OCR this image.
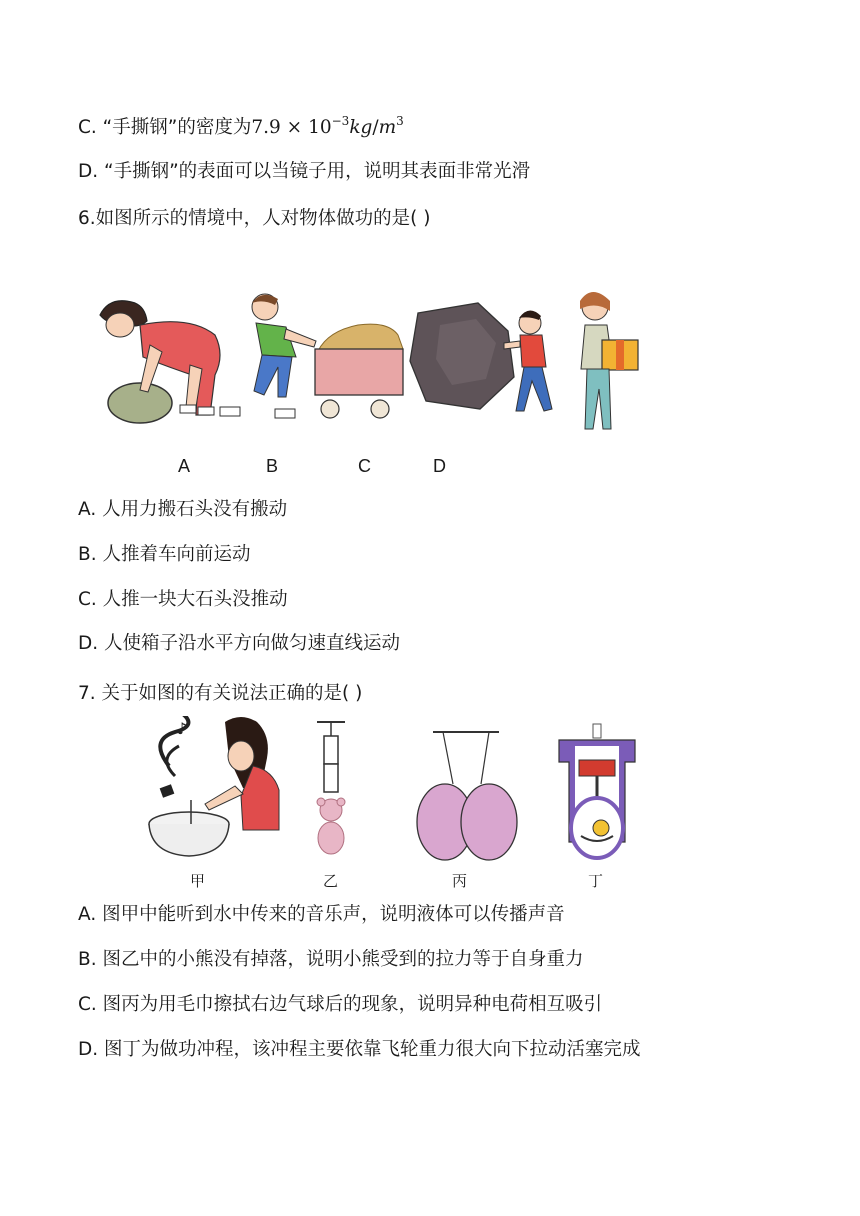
C. “手撕钢”的密度为$7.9 \times 10^{-3}kg/m^3$
D. “手撕钢”的表面可以当镜子用，说明其表面非常光滑
6.如图所示的情境中，人对物体做功的是( )
A	B	C	D
A. 人用力搬石头没有搬动
B. 人推着车向前运动
C. 人推一块大石头没推动
D. 人使箱子沿水平方向做匀速直线运动
7. 关于如图的有关说法正确的是( )
♪
甲	乙	丙	丁
A. 图甲中能听到水中传来的音乐声，说明液体可以传播声音
B. 图乙中的小熊没有掉落，说明小熊受到的拉力等于自身重力
C. 图丙为用毛巾擦拭右边气球后的现象，说明异种电荷相互吸引
D. 图丁为做功冲程，该冲程主要依靠飞轮重力很大向下拉动活塞完成
